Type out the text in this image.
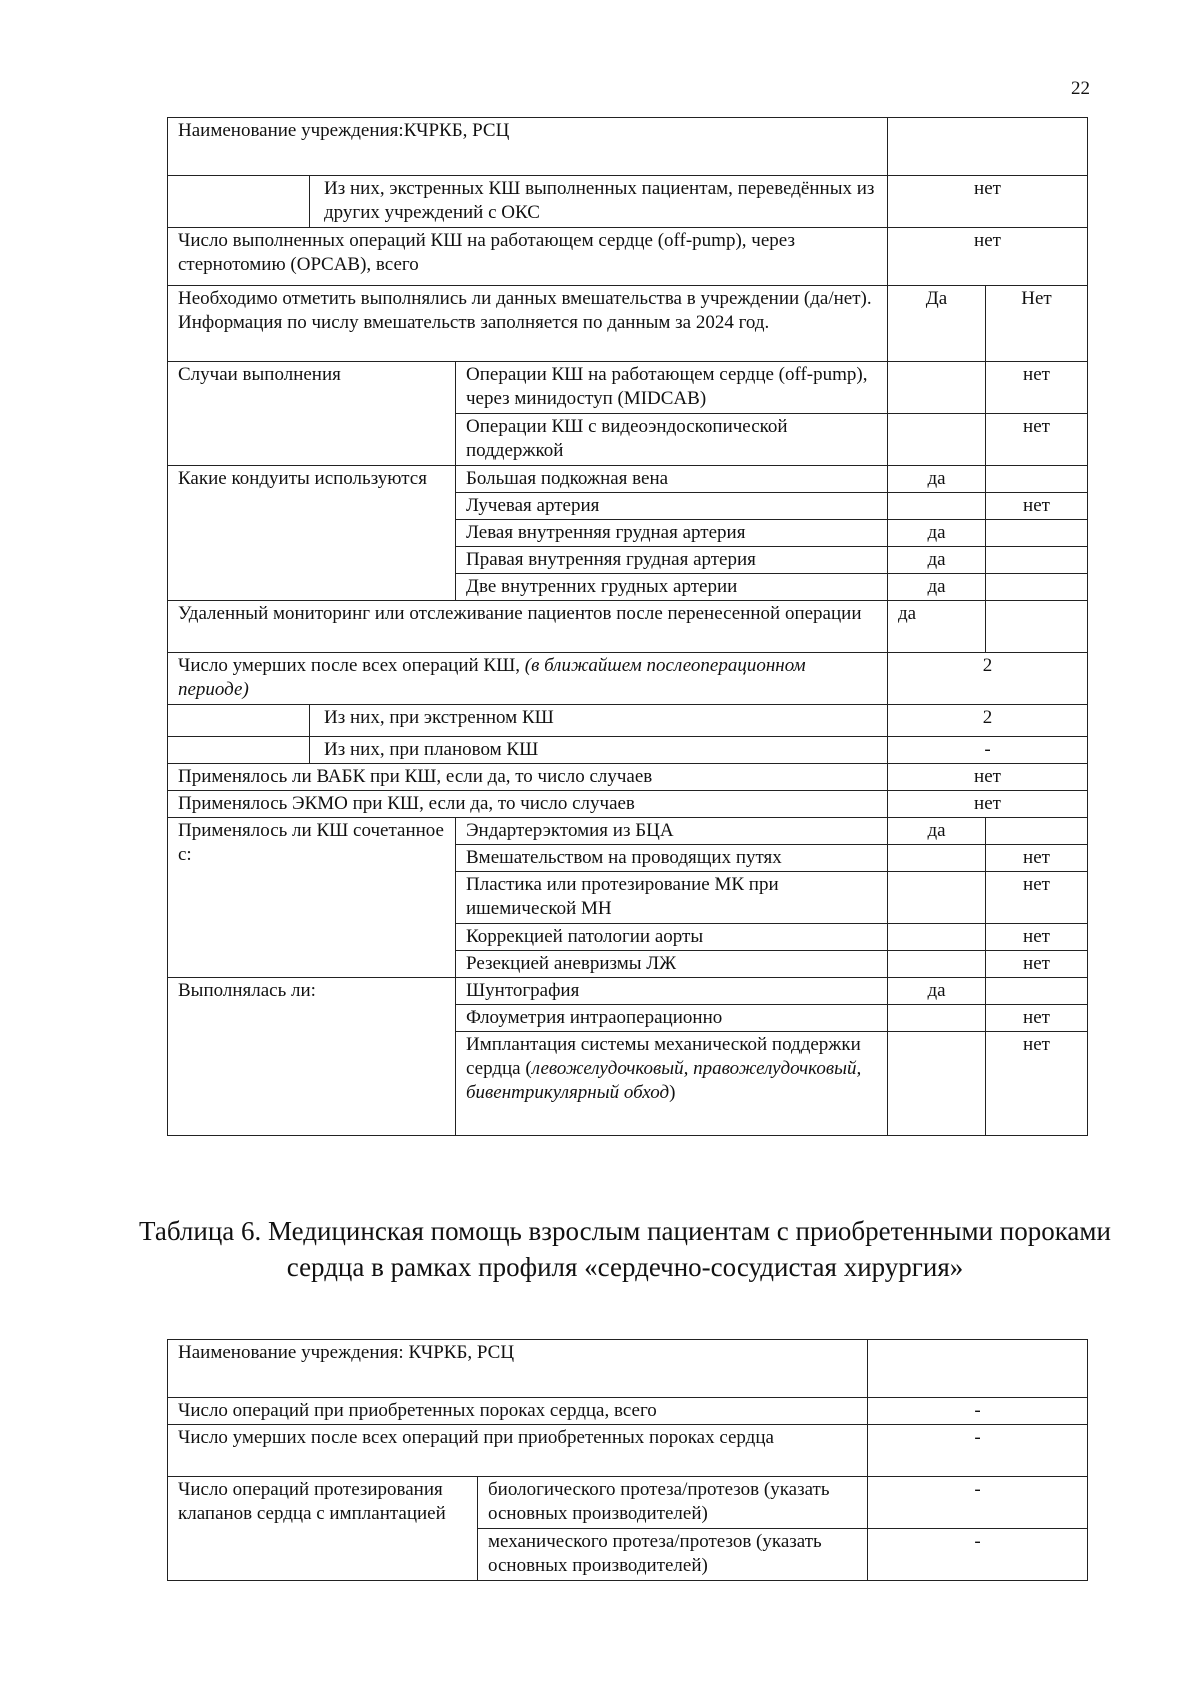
22
Наименование учреждения:КЧРКБ, РСЦ				
	Из них, экстренных КШ выполненных пациентам, переведённых из других учреждений с ОКС		нет	
Число выполненных операций КШ на работающем сердце (off-pump), через стернотомию (OPCAB), всего			нет	
Необходимо отметить выполнялись ли данных вмешательства в учреждении (да/нет). Информация по числу вмешательств заполняется по данным за 2024 год.			Да	Нет
Случаи выполнения		Операции КШ на работающем сердце (off-pump), через минидоступ (MIDCAB)		нет
		Операции КШ с видеоэндоскопической поддержкой		нет
Какие кондуиты используются		Большая подкожная вена	да	
		Лучевая артерия		нет
		Левая внутренняя грудная артерия	да	
		Правая внутренняя грудная артерия	да	
		Две внутренних грудных артерии	да	
Удаленный мониторинг или отслеживание пациентов после перенесенной операции			да	
Число умерших после всех операций КШ, (в ближайшем послеоперационном периоде)			2	
	Из них, при экстренном КШ		2	
	Из них, при плановом КШ		-	
Применялось ли ВАБК при КШ, если да, то число случаев			нет	
Применялось ЭКМО при КШ, если да, то число случаев			нет	
Применялось ли КШ сочетанное с:		Эндартерэктомия из БЦА	да	
		Вмешательством на проводящих путях		нет
		Пластика или протезирование МК при ишемической МН		нет
		Коррекцией патологии аорты		нет
		Резекцией аневризмы ЛЖ		нет
Выполнялась ли:		Шунтография	да	
		Флоуметрия интраоперационно		нет
		Имплантация системы механической поддержки сердца (левожелудочковый, правожелудочковый, бивентрикулярный обход)		нет
Таблица 6. Медицинская помощь взрослым пациентам с приобретенными пороками сердца в рамках профиля «сердечно-сосудистая хирургия»
Наименование учреждения: КЧРКБ, РСЦ		
Число операций при приобретенных пороках сердца, всего		-
Число умерших после всех операций при приобретенных пороках сердца		-
Число операций протезирования клапанов сердца с имплантацией	биологического протеза/протезов (указать основных производителей)	-
	механического протеза/протезов (указать основных производителей)	-
